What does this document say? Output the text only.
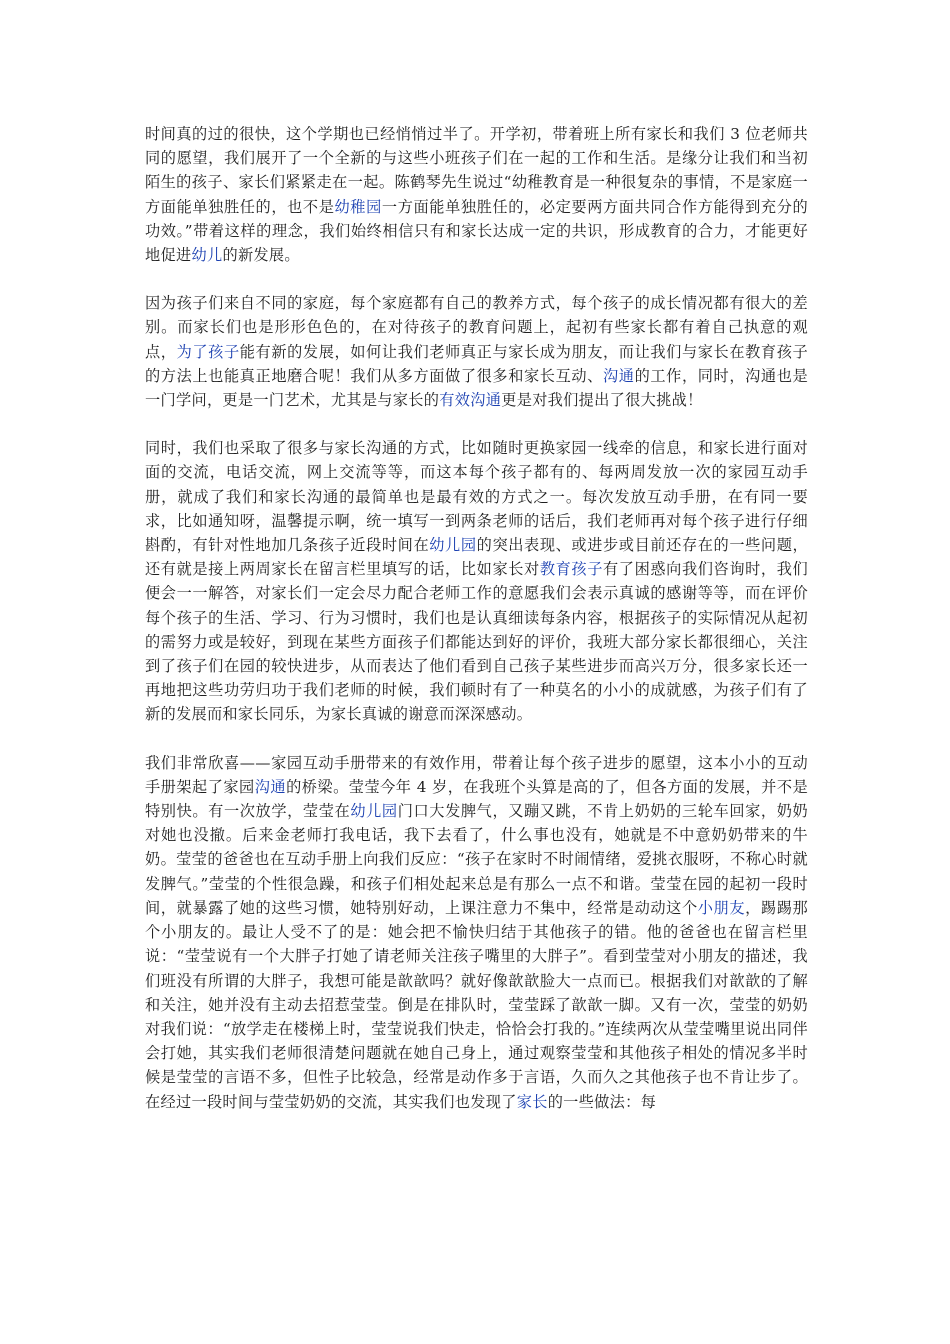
时间真的过的很快，这个学期也已经悄悄过半了。开学初，带着班上所有家长和我们 3 位老师共同的愿望，我们展开了一个全新的与这些小班孩子们在一起的工作和生活。是缘分让我们和当初陌生的孩子、家长们紧紧走在一起。陈鹤琴先生说过“幼稚教育是一种很复杂的事情，不是家庭一方面能单独胜任的，也不是幼稚园一方面能单独胜任的，必定要两方面共同合作方能得到充分的功效。”带着这样的理念，我们始终相信只有和家长达成一定的共识，形成教育的合力，才能更好地促进幼儿的新发展。

因为孩子们来自不同的家庭，每个家庭都有自己的教养方式，每个孩子的成长情况都有很大的差别。而家长们也是形形色色的，在对待孩子的教育问题上，起初有些家长都有着自己执意的观点，为了孩子能有新的发展，如何让我们老师真正与家长成为朋友，而让我们与家长在教育孩子的方法上也能真正地磨合呢！我们从多方面做了很多和家长互动、沟通的工作，同时，沟通也是一门学问，更是一门艺术，尤其是与家长的有效沟通更是对我们提出了很大挑战！

同时，我们也采取了很多与家长沟通的方式，比如随时更换家园一线牵的信息，和家长进行面对面的交流，电话交流，网上交流等等，而这本每个孩子都有的、每两周发放一次的家园互动手册，就成了我们和家长沟通的最简单也是最有效的方式之一。每次发放互动手册，在有同一要求，比如通知呀，温馨提示啊，统一填写一到两条老师的话后，我们老师再对每个孩子进行仔细斟酌，有针对性地加几条孩子近段时间在幼儿园的突出表现、或进步或目前还存在的一些问题，还有就是接上两周家长在留言栏里填写的话，比如家长对教育孩子有了困惑向我们咨询时，我们便会一一解答，对家长们一定会尽力配合老师工作的意愿我们会表示真诚的感谢等等，而在评价每个孩子的生活、学习、行为习惯时，我们也是认真细读每条内容，根据孩子的实际情况从起初的需努力或是较好，到现在某些方面孩子们都能达到好的评价，我班大部分家长都很细心，关注到了孩子们在园的较快进步，从而表达了他们看到自己孩子某些进步而高兴万分，很多家长还一再地把这些功劳归功于我们老师的时候，我们顿时有了一种莫名的小小的成就感，为孩子们有了新的发展而和家长同乐，为家长真诚的谢意而深深感动。

我们非常欣喜——家园互动手册带来的有效作用，带着让每个孩子进步的愿望，这本小小的互动手册架起了家园沟通的桥梁。莹莹今年 4 岁，在我班个头算是高的了，但各方面的发展，并不是特别快。有一次放学，莹莹在幼儿园门口大发脾气，又蹦又跳，不肯上奶奶的三轮车回家，奶奶对她也没撤。后来金老师打我电话，我下去看了，什么事也没有，她就是不中意奶奶带来的牛奶。莹莹的爸爸也在互动手册上向我们反应：“孩子在家时不时闹情绪，爱挑衣服呀，不称心时就发脾气。”莹莹的个性很急躁，和孩子们相处起来总是有那么一点不和谐。莹莹在园的起初一段时间，就暴露了她的这些习惯，她特别好动，上课注意力不集中，经常是动动这个小朋友，踢踢那个小朋友的。最让人受不了的是：她会把不愉快归结于其他孩子的错。他的爸爸也在留言栏里说：“莹莹说有一个大胖子打她了请老师关注孩子嘴里的大胖子”。看到莹莹对小朋友的描述，我们班没有所谓的大胖子，我想可能是歆歆吗？就好像歆歆脸大一点而已。根据我们对歆歆的了解和关注，她并没有主动去招惹莹莹。倒是在排队时，莹莹踩了歆歆一脚。又有一次，莹莹的奶奶对我们说：“放学走在楼梯上时，莹莹说我们快走，恰恰会打我的。”连续两次从莹莹嘴里说出同伴会打她，其实我们老师很清楚问题就在她自己身上，通过观察莹莹和其他孩子相处的情况多半时候是莹莹的言语不多，但性子比较急，经常是动作多于言语，久而久之其他孩子也不肯让步了。在经过一段时间与莹莹奶奶的交流，其实我们也发现了家长的一些做法：每
